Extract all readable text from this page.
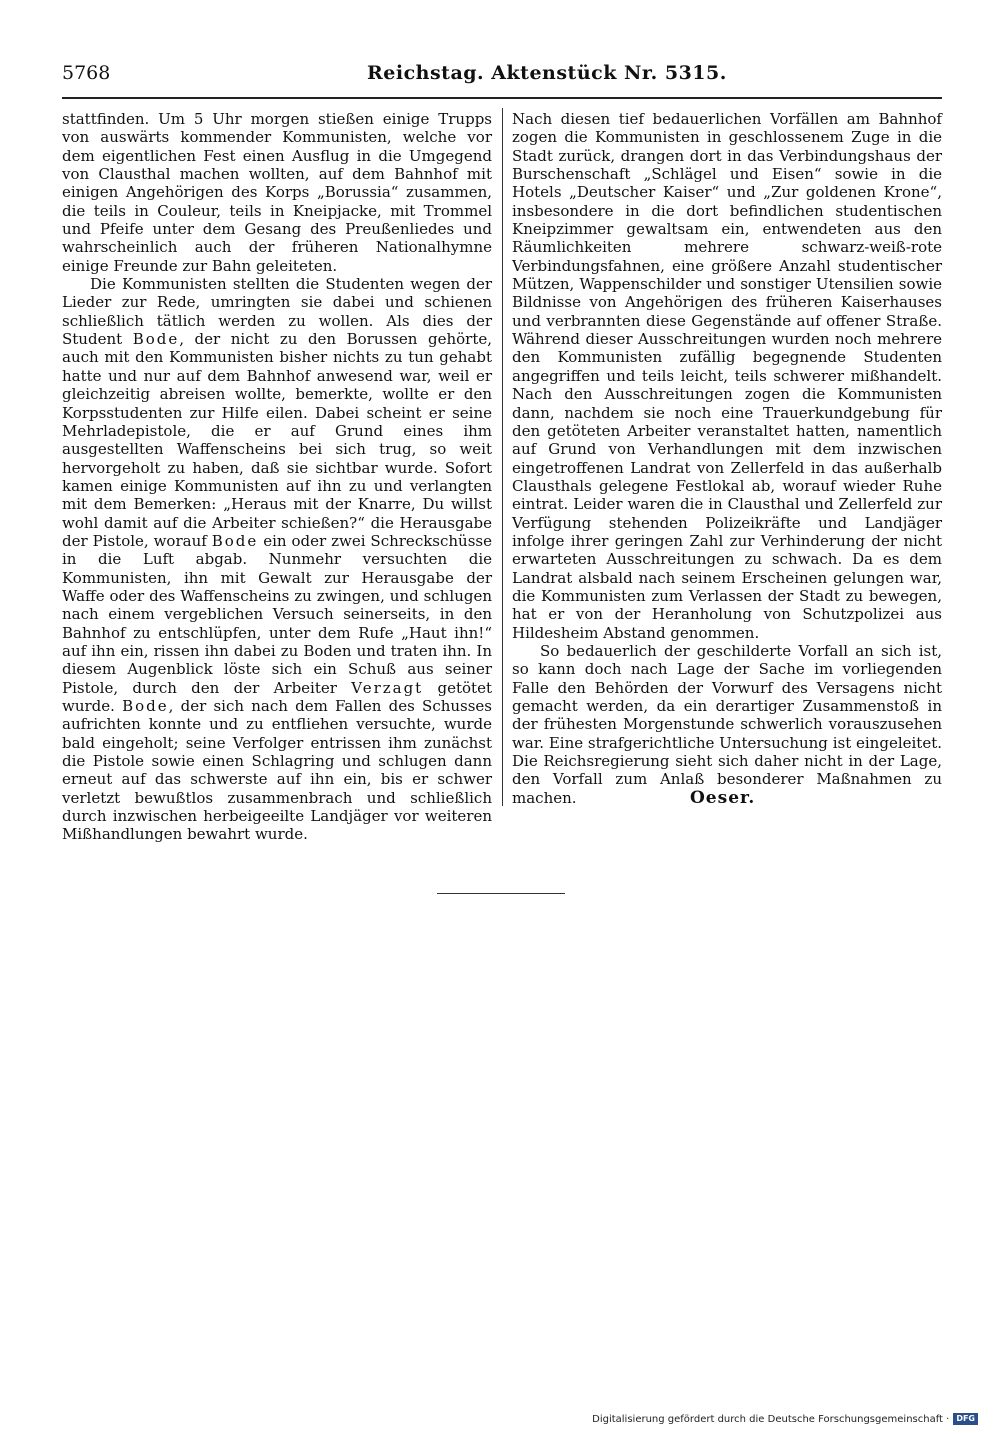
5768	Reichstag. Aktenstück Nr. 5315.

stattfinden. Um 5 Uhr morgen stießen einige Trupps von auswärts kommender Kommunisten, welche vor dem eigentlichen Fest einen Ausflug in die Umgegend von Clausthal machen wollten, auf dem Bahnhof mit einigen Angehörigen des Korps „Borussia“ zusammen, die teils in Couleur, teils in Kneipjacke, mit Trommel und Pfeife unter dem Gesang des Preußenliedes und wahrscheinlich auch der früheren Nationalhymne einige Freunde zur Bahn geleiteten.

Die Kommunisten stellten die Studenten wegen der Lieder zur Rede, umringten sie dabei und schienen schließlich tätlich werden zu wollen. Als dies der Student Bode, der nicht zu den Borussen gehörte, auch mit den Kommunisten bisher nichts zu tun gehabt hatte und nur auf dem Bahnhof anwesend war, weil er gleichzeitig abreisen wollte, bemerkte, wollte er den Korpsstudenten zur Hilfe eilen. Dabei scheint er seine Mehrladepistole, die er auf Grund eines ihm ausgestellten Waffenscheins bei sich trug, so weit hervorgeholt zu haben, daß sie sichtbar wurde. Sofort kamen einige Kommunisten auf ihn zu und verlangten mit dem Bemerken: „Heraus mit der Knarre, Du willst wohl damit auf die Arbeiter schießen?“ die Herausgabe der Pistole, worauf Bode ein oder zwei Schreckschüsse in die Luft abgab. Nunmehr versuchten die Kommunisten, ihn mit Gewalt zur Herausgabe der Waffe oder des Waffenscheins zu zwingen, und schlugen nach einem vergeblichen Versuch seinerseits, in den Bahnhof zu entschlüpfen, unter dem Rufe „Haut ihn!“ auf ihn ein, rissen ihn dabei zu Boden und traten ihn. In diesem Augenblick löste sich ein Schuß aus seiner Pistole, durch den der Arbeiter Verzagt getötet wurde. Bode, der sich nach dem Fallen des Schusses aufrichten konnte und zu entfliehen versuchte, wurde bald eingeholt; seine Verfolger entrissen ihm zunächst die Pistole sowie einen Schlagring und schlugen dann erneut auf das schwerste auf ihn ein, bis er schwer verletzt bewußtlos zusammenbrach und schließlich durch inzwischen herbeigeeilte Landjäger vor weiteren Mißhandlungen bewahrt wurde.

Nach diesen tief bedauerlichen Vorfällen am Bahnhof zogen die Kommunisten in geschlossenem Zuge in die Stadt zurück, drangen dort in das Verbindungshaus der Burschenschaft „Schlägel und Eisen“ sowie in die Hotels „Deutscher Kaiser“ und „Zur goldenen Krone“, insbesondere in die dort befindlichen studentischen Kneipzimmer gewaltsam ein, entwendeten aus den Räumlichkeiten mehrere schwarz-weiß-rote Verbindungsfahnen, eine größere Anzahl studentischer Mützen, Wappenschilder und sonstiger Utensilien sowie Bildnisse von Angehörigen des früheren Kaiserhauses und verbrannten diese Gegenstände auf offener Straße. Während dieser Ausschreitungen wurden noch mehrere den Kommunisten zufällig begegnende Studenten angegriffen und teils leicht, teils schwerer mißhandelt. Nach den Ausschreitungen zogen die Kommunisten dann, nachdem sie noch eine Trauerkundgebung für den getöteten Arbeiter veranstaltet hatten, namentlich auf Grund von Verhandlungen mit dem inzwischen eingetroffenen Landrat von Zellerfeld in das außerhalb Clausthals gelegene Festlokal ab, worauf wieder Ruhe eintrat. Leider waren die in Clausthal und Zellerfeld zur Verfügung stehenden Polizeikräfte und Landjäger infolge ihrer geringen Zahl zur Verhinderung der nicht erwarteten Ausschreitungen zu schwach. Da es dem Landrat alsbald nach seinem Erscheinen gelungen war, die Kommunisten zum Verlassen der Stadt zu bewegen, hat er von der Heranholung von Schutzpolizei aus Hildesheim Abstand genommen.

So bedauerlich der geschilderte Vorfall an sich ist, so kann doch nach Lage der Sache im vorliegenden Falle den Behörden der Vorwurf des Versagens nicht gemacht werden, da ein derartiger Zusammenstoß in der frühesten Morgenstunde schwerlich vorauszusehen war. Eine strafgerichtliche Untersuchung ist eingeleitet. Die Reichsregierung sieht sich daher nicht in der Lage, den Vorfall zum Anlaß besonderer Maßnahmen zu machen.	Oeser.
Digitalisierung gefördert durch die Deutsche Forschungsgemeinschaft · DFG
